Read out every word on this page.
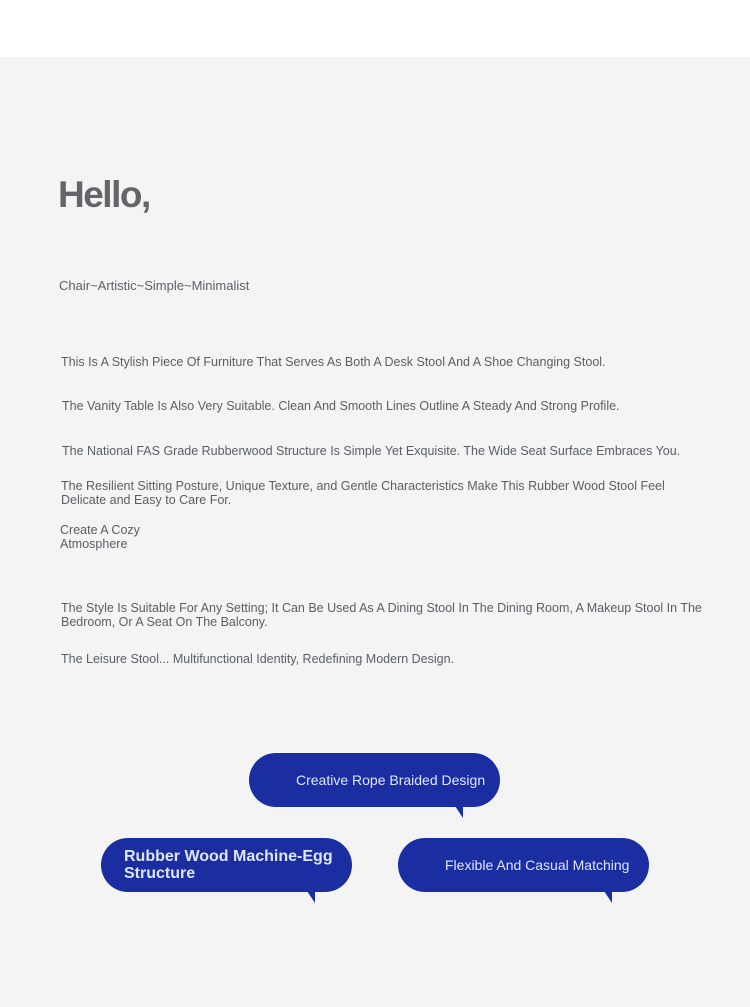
Hello,
Chair~Artistic~Simple~Minimalist

This Is A Stylish Piece Of Furniture That Serves As Both A Desk Stool And A Shoe Changing Stool.

The Vanity Table Is Also Very Suitable. Clean And Smooth Lines Outline A Steady And Strong Profile.

The National FAS Grade Rubberwood Structure Is Simple Yet Exquisite. The Wide Seat Surface Embraces You.

The Resilient Sitting Posture, Unique Texture, and Gentle Characteristics Make This Rubber Wood Stool Feel Delicate and Easy to Care For.

Create A Cozy Atmosphere

The Style Is Suitable For Any Setting; It Can Be Used As A Dining Stool In The Dining Room, A Makeup Stool In The Bedroom, Or A Seat On The Balcony.

The Leisure Stool... Multifunctional Identity, Redefining Modern Design.

Creative Rope Braided Design
Rubber Wood Machine-Egg Structure
Flexible And Casual Matching
